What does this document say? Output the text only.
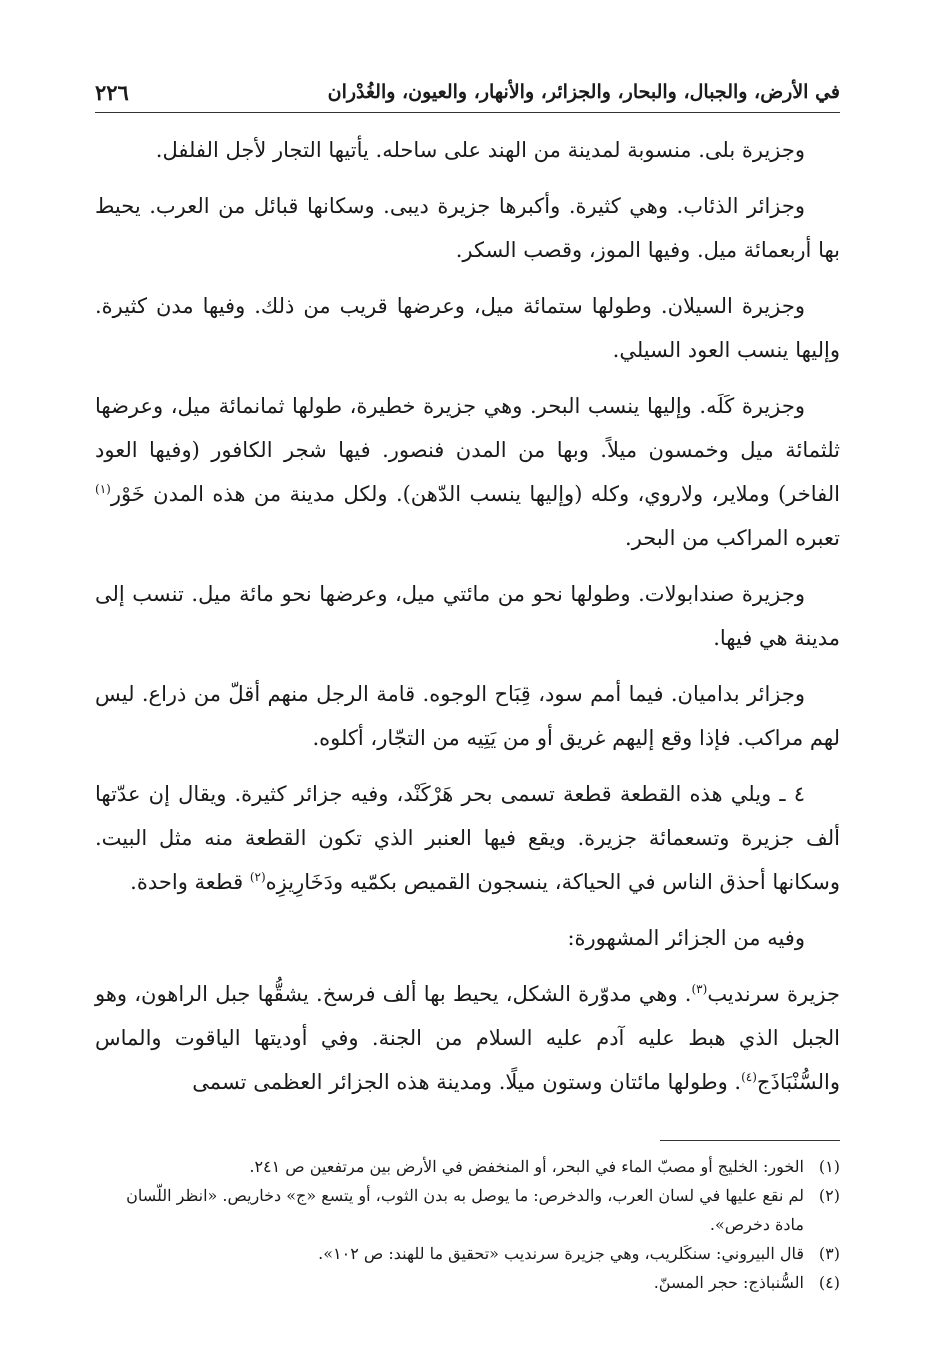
في الأرض، والجبال، والبحار، والجزائر، والأنهار، والعيون، والغُدْران
٢٢٦

وجزيرة بلى. منسوبة لمدينة من الهند على ساحله. يأتيها التجار لأجل الفلفل.

وجزائر الذئاب. وهي كثيرة. وأكبرها جزيرة ديبى. وسكانها قبائل من العرب. يحيط بها أربعمائة ميل. وفيها الموز، وقصب السكر.

وجزيرة السيلان. وطولها ستمائة ميل، وعرضها قريب من ذلك. وفيها مدن كثيرة. وإليها ينسب العود السيلي.

وجزيرة كَلَه. وإليها ينسب البحر. وهي جزيرة خطيرة، طولها ثمانمائة ميل، وعرضها ثلثمائة ميل وخمسون ميلاً. وبها من المدن فنصور. فيها شجر الكافور (وفيها العود الفاخر) وملاير، ولاروي، وكله (وإليها ينسب الدّهن). ولكل مدينة من هذه المدن خَوْر$^{(١)}$ تعبره المراكب من البحر.

وجزيرة صندابولات. وطولها نحو من مائتي ميل، وعرضها نحو مائة ميل. تنسب إلى مدينة هي فيها.

وجزائر بداميان. فيما أمم سود، قِبَاح الوجوه. قامة الرجل منهم أقلّ من ذراع. ليس لهم مراكب. فإذا وقع إليهم غريق أو من يَتِيه من التجّار، أكلوه.

٤ ـ ويلي هذه القطعة قطعة تسمى بحر هَرْكَنْد، وفيه جزائر كثيرة. ويقال إن عدّتها ألف جزيرة وتسعمائة جزيرة. ويقع فيها العنبر الذي تكون القطعة منه مثل البيت. وسكانها أحذق الناس في الحياكة، ينسجون القميص بكمّيه ودَخَارِيزِه$^{(٢)}$ قطعة واحدة.

وفيه من الجزائر المشهورة:

جزيرة سرنديب$^{(٣)}$. وهي مدوّرة الشكل، يحيط بها ألف فرسخ. يشقُّها جبل الراهون، وهو الجبل الذي هبط عليه آدم عليه السلام من الجنة. وفي أوديتها الياقوت والماس والسُّنْبَاذَج$^{(٤)}$. وطولها مائتان وستون ميلًا. ومدينة هذه الجزائر العظمى تسمى

(١)
الخور: الخليج أو مصبّ الماء في البحر، أو المنخفض في الأرض بين مرتفعين ص ٢٤١.
(٢)
لم نقع عليها في لسان العرب، والدخرص: ما يوصل به بدن الثوب، أو يتسع «ج» دخاريص. «انظر اللّسان مادة دخرص».
(٣)
قال البيروني: سنكَلريب، وهي جزيرة سرنديب «تحقيق ما للهند: ص ١٠٢».
(٤)
السُّنباذج: حجر المسنّ.
